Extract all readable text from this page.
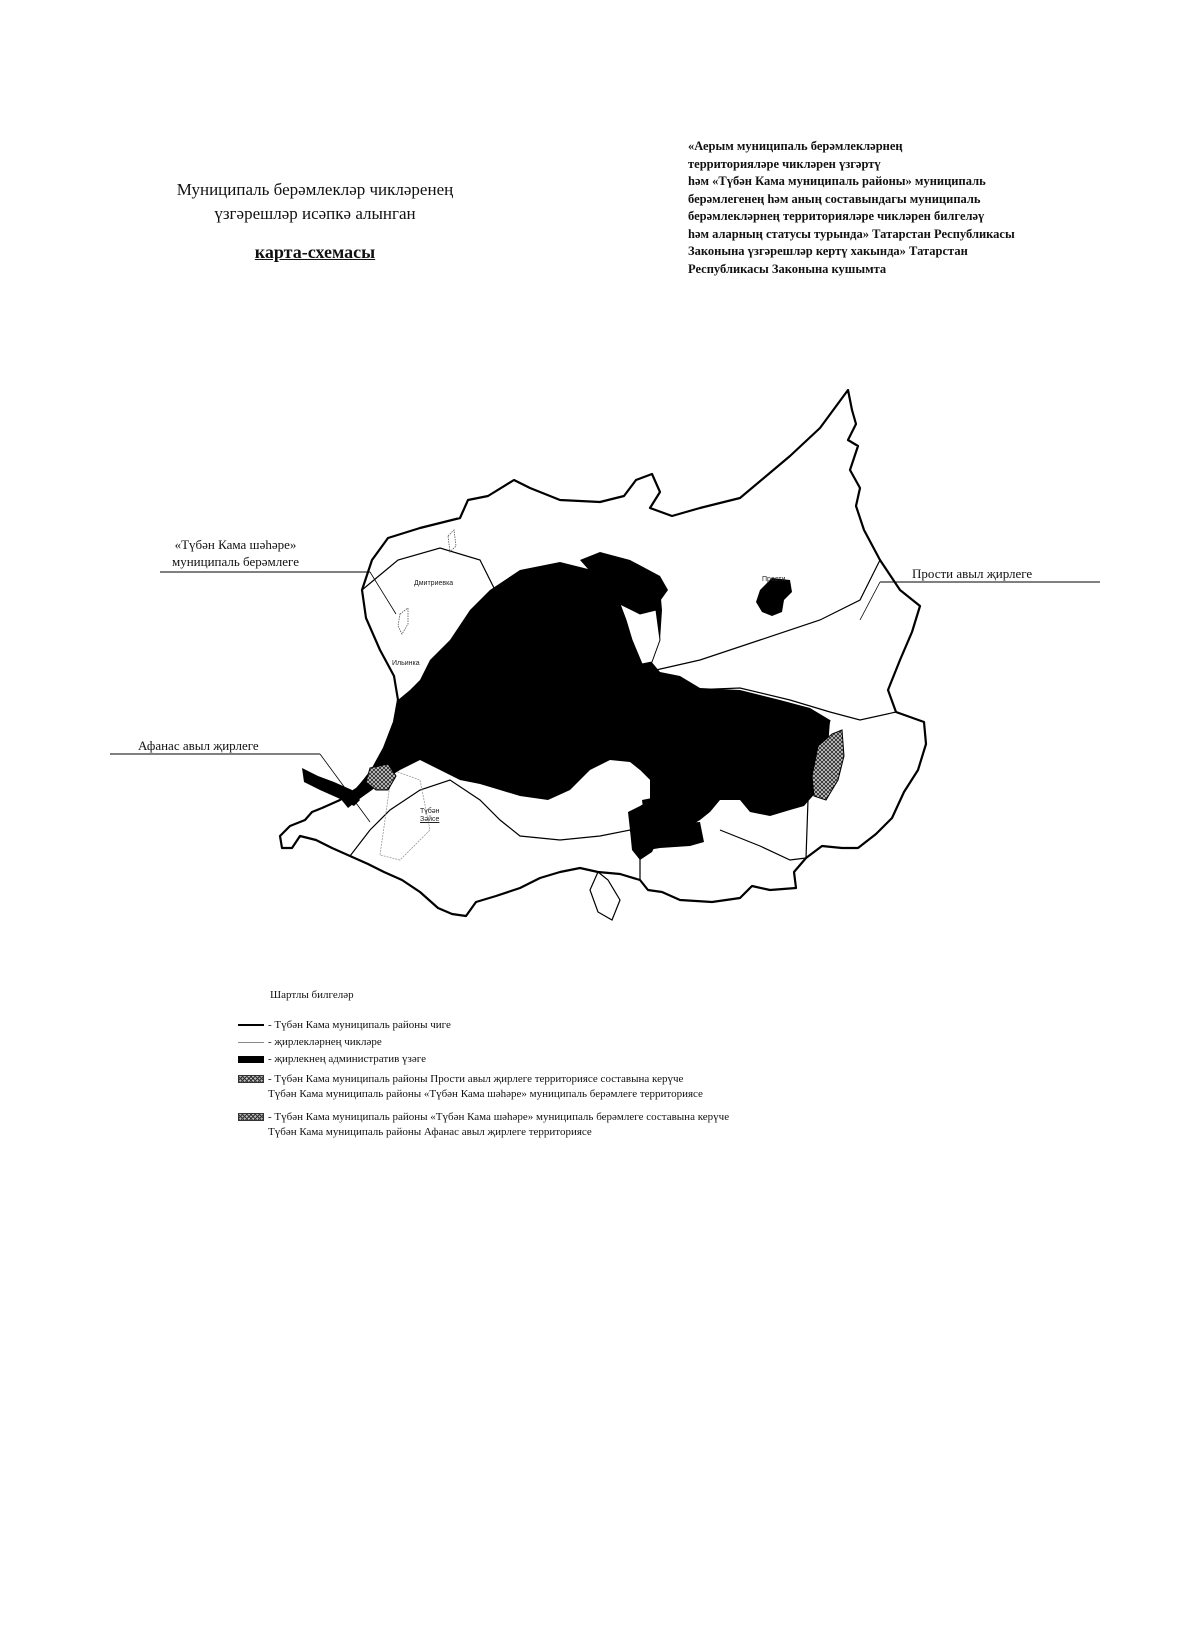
Муниципаль берәмлекләр чикләренең
үзгәрешләр исәпкә алынган
карта-схемасы
«Аерым муниципаль берәмлекләрнең
территорияләре чикләрен үзгәртү
һәм «Түбән Кама муниципаль районы» муниципаль
берәмлегенең һәм аның составындагы муниципаль
берәмлекләрнең территорияләре чикләрен билгеләү
һәм аларның статусы турында» Татарстан Республикасы
Законына үзгәрешләр кертү хакында» Татарстан
Республикасы Законына кушымта
«Түбән Кама шәһәре»
муниципаль берәмлеге
Прости авыл җирлеге
Афанас авыл җирлеге
Дмитриевка
Прости
Ильинка
Түбән
Зәйсе
Шартлы билгеләр
- Түбән Кама муниципаль районы чиге
- җирлекләрнең чикләре
- җирлекнең административ үзәге
- Түбән Кама муниципаль районы Прости авыл җирлеге территориясе составына керүче
Түбән Кама муниципаль районы «Түбән Кама шәһәре» муниципаль берәмлеге территориясе
- Түбән Кама муниципаль районы «Түбән Кама шәһәре» муниципаль берәмлеге составына керүче
Түбән Кама муниципаль районы Афанас авыл җирлеге территориясе
